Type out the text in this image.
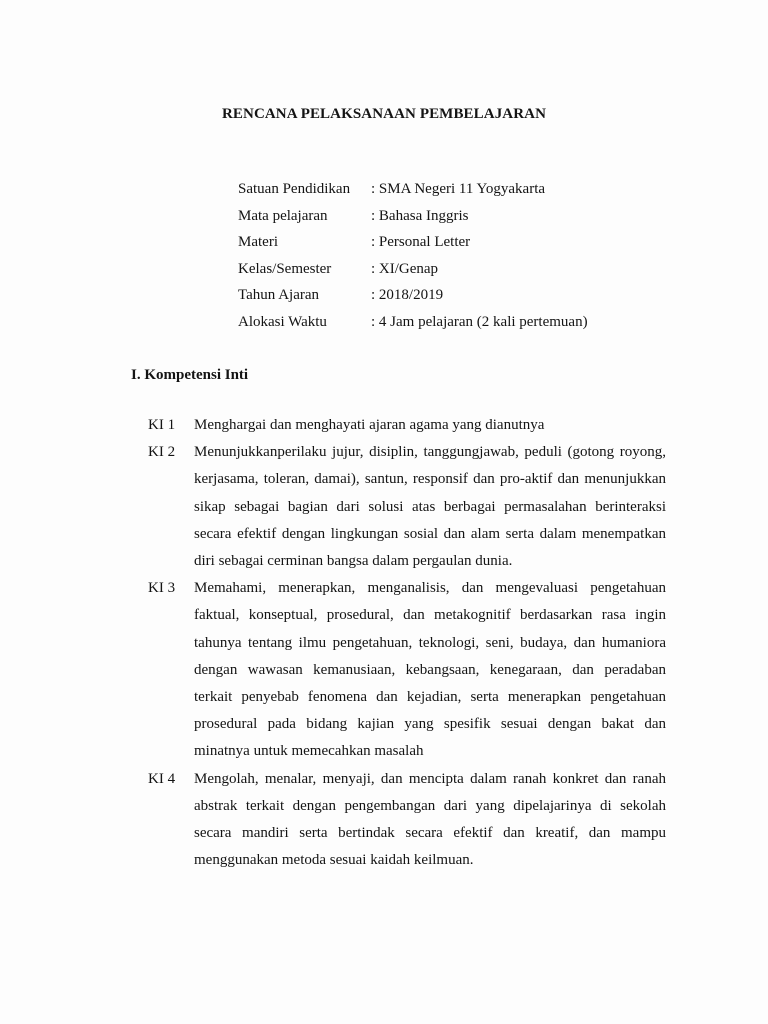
RENCANA PELAKSANAAN PEMBELAJARAN
Satuan Pendidikan	: SMA Negeri 11 Yogyakarta
Mata pelajaran	: Bahasa Inggris
Materi	: Personal Letter
Kelas/Semester	: XI/Genap
Tahun Ajaran	: 2018/2019
Alokasi Waktu	: 4 Jam pelajaran (2 kali pertemuan)
I. Kompetensi Inti
KI 1	Menghargai dan menghayati ajaran agama yang dianutnya
KI 2	Menunjukkanperilaku jujur, disiplin, tanggungjawab, peduli (gotong royong, kerjasama, toleran, damai), santun, responsif dan pro-aktif dan menunjukkan sikap sebagai bagian dari solusi atas berbagai permasalahan berinteraksi secara efektif dengan lingkungan sosial dan alam serta dalam menempatkan diri sebagai cerminan bangsa dalam pergaulan dunia.
KI 3	Memahami, menerapkan, menganalisis, dan mengevaluasi pengetahuan faktual, konseptual, prosedural, dan metakognitif berdasarkan rasa ingin tahunya tentang ilmu pengetahuan, teknologi, seni, budaya, dan humaniora dengan wawasan kemanusiaan, kebangsaan, kenegaraan, dan peradaban terkait penyebab fenomena dan kejadian, serta menerapkan pengetahuan prosedural pada bidang kajian yang spesifik sesuai dengan bakat dan minatnya untuk memecahkan masalah
KI 4	Mengolah, menalar, menyaji, dan mencipta dalam ranah konkret dan ranah abstrak terkait dengan pengembangan dari yang dipelajarinya di sekolah secara mandiri serta bertindak secara efektif dan kreatif, dan mampu menggunakan metoda sesuai kaidah keilmuan.
